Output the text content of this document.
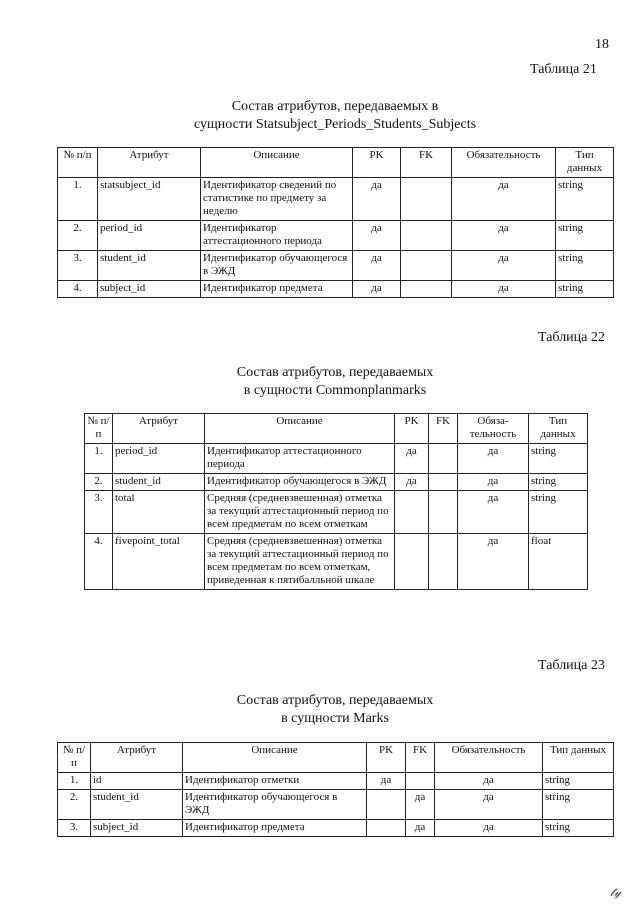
18
Таблица 21
Состав атрибутов, передаваемых в
сущности Statsubject_Periods_Students_Subjects
№ п/п	Атрибут	Описание	PK	FK	Обязательность	Тип данных
1.	statsubject_id	Идентификатор сведений по статистике по предмету за неделю	да		да	string
2.	period_id	Идентификатор аттестационного периода	да		да	string
3.	student_id	Идентификатор обучающегося в ЭЖД	да		да	string
4.	subject_id	Идентификатор предмета	да		да	string
Таблица 22
Состав атрибутов, передаваемых
в сущности Commonplanmarks
№ п/п	Атрибут	Описание	PK	FK	Обяза-тельность	Тип данных
1.	period_id	Идентификатор аттестационного периода	да		да	string
2.	student_id	Идентификатор обучающегося в ЭЖД	да		да	string
3.	total	Средняя (средневзвешенная) отметка за текущий аттестационный период по всем предметам по всем отметкам			да	string
4.	fivepoint_total	Средняя (средневзвешенная) отметка за текущий аттестационный период по всем предметам по всем отметкам, приведенная к пятибалльной шкале			да	float
Таблица 23
Состав атрибутов, передаваемых
в сущности Marks
№ п/п	Атрибут	Описание	PK	FK	Обязательность	Тип данных
1.	id	Идентификатор отметки	да		да	string
2.	student_id	Идентификатор обучающегося в ЭЖД		да	да	string
3.	subject_id	Идентификатор предмета		да	да	string
𝓉𝓎
